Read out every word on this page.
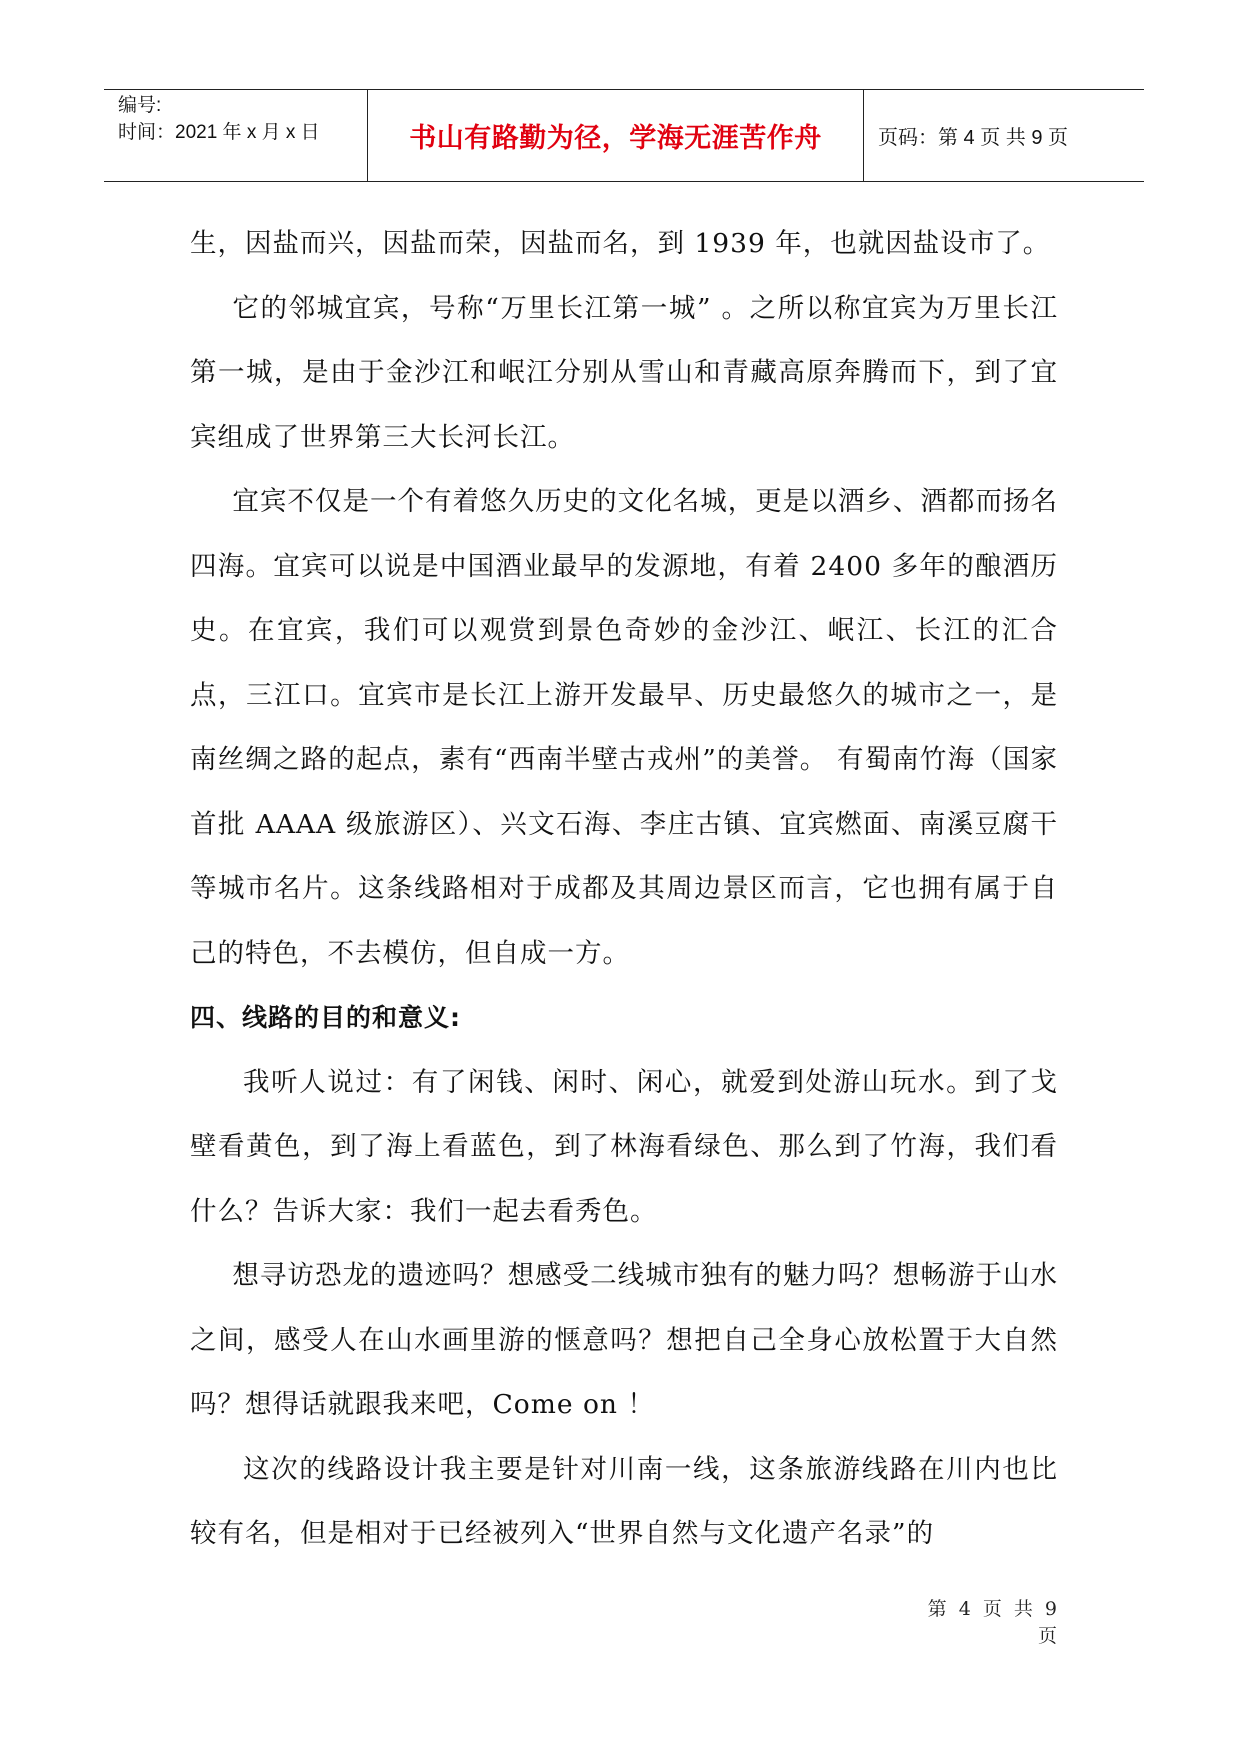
编号:
时间：2021 年 x 月 x 日	书山有路勤为径，学海无涯苦作舟	页码：第 4 页 共 9 页

生，因盐而兴，因盐而荣，因盐而名，到 1939 年，也就因盐设市了。

它的邻城宜宾，号称“万里长江第一城” 。之所以称宜宾为万里长江第一城，是由于金沙江和岷江分别从雪山和青藏高原奔腾而下，到了宜宾组成了世界第三大长河长江。

宜宾不仅是一个有着悠久历史的文化名城，更是以酒乡、酒都而扬名四海。宜宾可以说是中国酒业最早的发源地，有着 2400 多年的酿酒历史。在宜宾，我们可以观赏到景色奇妙的金沙江、岷江、长江的汇合点，三江口。宜宾市是长江上游开发最早、历史最悠久的城市之一，是南丝绸之路的起点，素有“西南半壁古戎州”的美誉。 有蜀南竹海（国家首批 AAAA 级旅游区）、兴文石海、李庄古镇、宜宾燃面、南溪豆腐干等城市名片。这条线路相对于成都及其周边景区而言，它也拥有属于自己的特色，不去模仿，但自成一方。

四、线路的目的和意义:

我听人说过：有了闲钱、闲时、闲心，就爱到处游山玩水。到了戈壁看黄色，到了海上看蓝色，到了林海看绿色、那么到了竹海，我们看什么？告诉大家：我们一起去看秀色。

想寻访恐龙的遗迹吗？想感受二线城市独有的魅力吗？想畅游于山水之间，感受人在山水画里游的惬意吗？想把自己全身心放松置于大自然吗？想得话就跟我来吧，Come on ！

这次的线路设计我主要是针对川南一线，这条旅游线路在川内也比较有名，但是相对于已经被列入“世界自然与文化遗产名录”的

第 4 页 共 9 页
